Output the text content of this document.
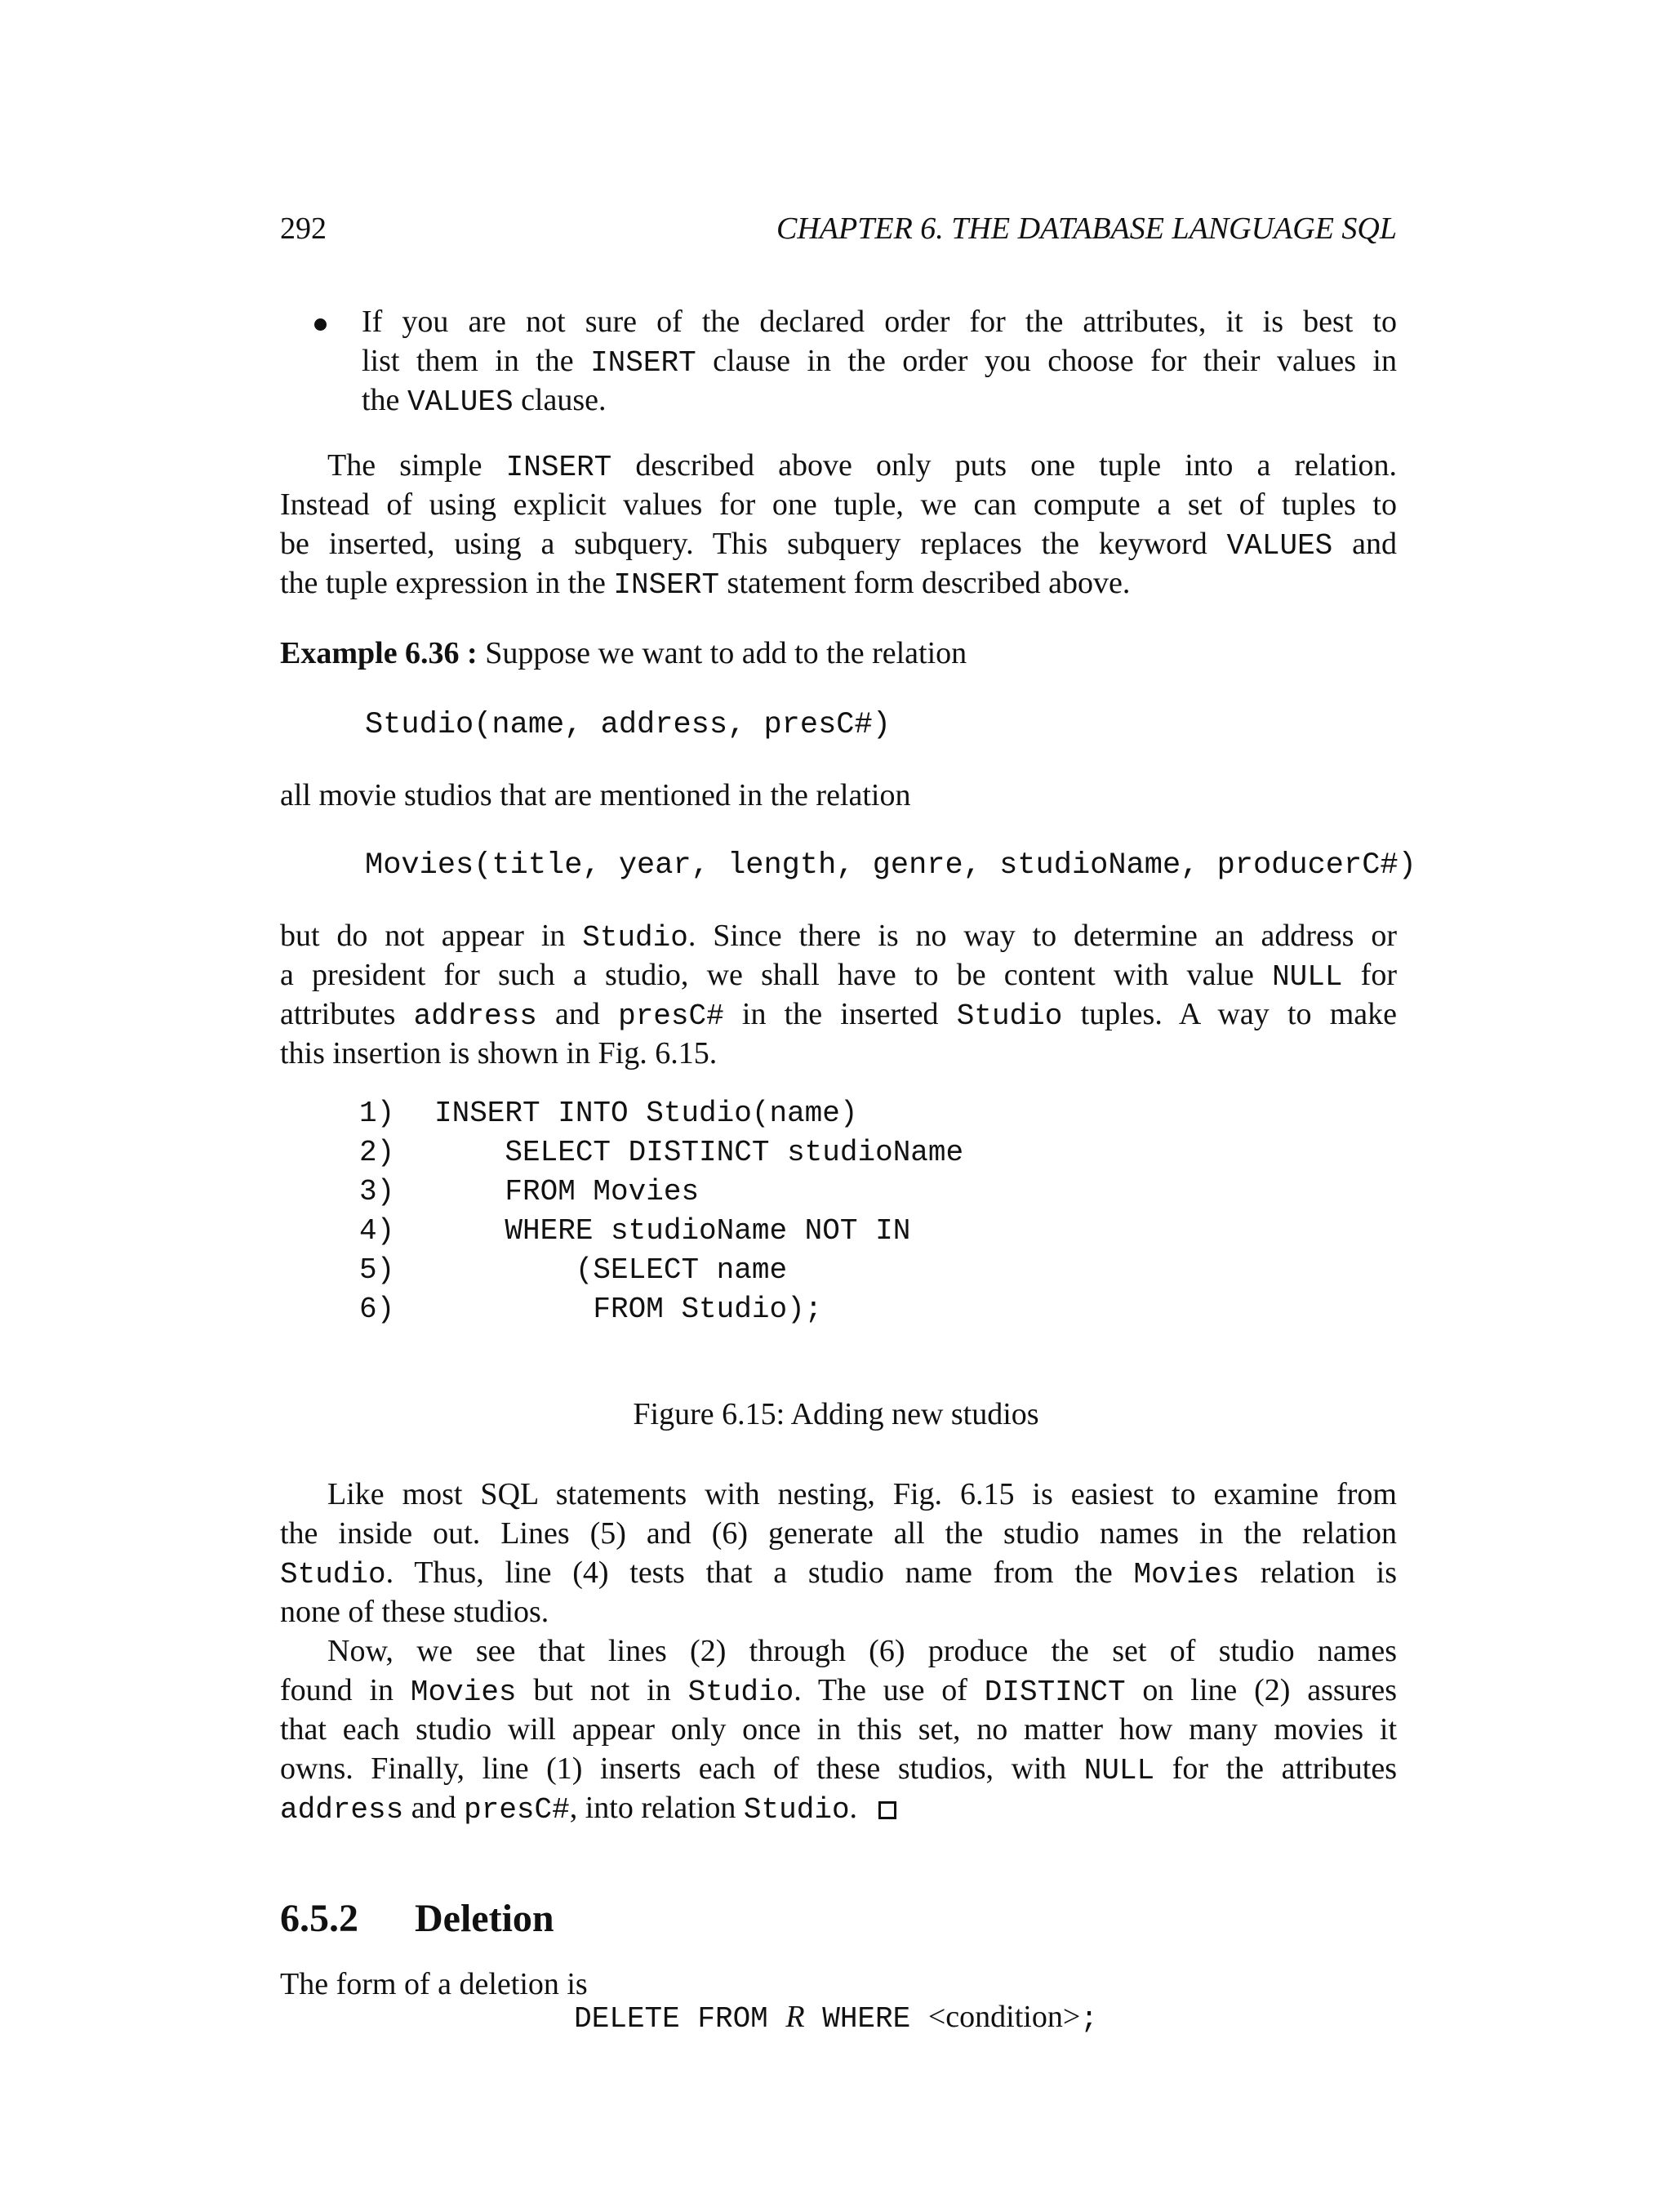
292	CHAPTER 6. THE DATABASE LANGUAGE SQL
If you are not sure of the declared order for the attributes, it is best to
list them in the INSERT clause in the order you choose for their values in
the VALUES clause.
The simple INSERT described above only puts one tuple into a relation.
Instead of using explicit values for one tuple, we can compute a set of tuples to
be inserted, using a subquery. This subquery replaces the keyword VALUES and
the tuple expression in the INSERT statement form described above.
Example 6.36 : Suppose we want to add to the relation
Studio(name, address, presC#)
all movie studios that are mentioned in the relation
Movies(title, year, length, genre, studioName, producerC#)
but do not appear in Studio. Since there is no way to determine an address or
a president for such a studio, we shall have to be content with value NULL for
attributes address and presC# in the inserted Studio tuples. A way to make
this insertion is shown in Fig. 6.15.
1) INSERT INTO Studio(name)
2) SELECT DISTINCT studioName
3) FROM Movies
4) WHERE studioName NOT IN
5) (SELECT name
6) FROM Studio);
Figure 6.15: Adding new studios
Like most SQL statements with nesting, Fig. 6.15 is easiest to examine from
the inside out. Lines (5) and (6) generate all the studio names in the relation
Studio. Thus, line (4) tests that a studio name from the Movies relation is
none of these studios.
Now, we see that lines (2) through (6) produce the set of studio names
found in Movies but not in Studio. The use of DISTINCT on line (2) assures
that each studio will appear only once in this set, no matter how many movies it
owns. Finally, line (1) inserts each of these studios, with NULL for the attributes
address and presC#, into relation Studio.
6.5.2 Deletion
The form of a deletion is
DELETE FROM R WHERE <condition>;
